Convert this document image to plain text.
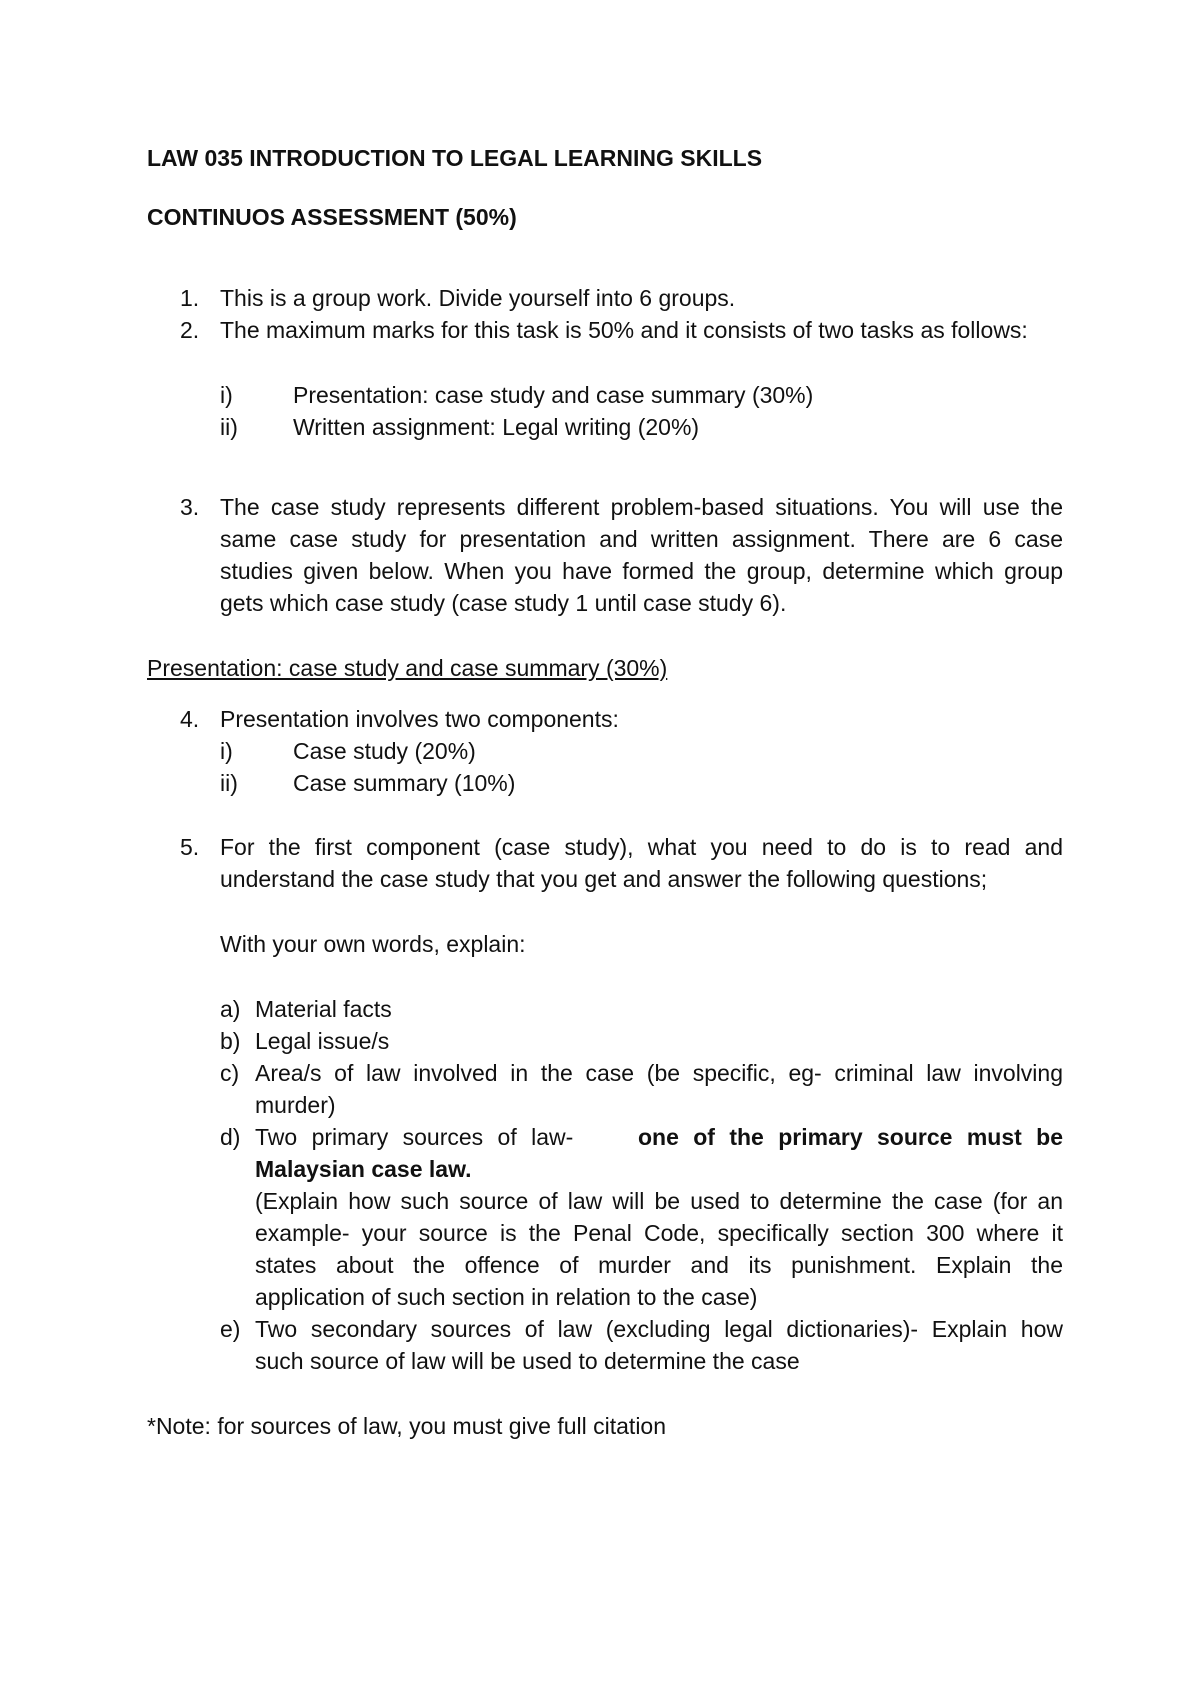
LAW 035 INTRODUCTION TO LEGAL LEARNING SKILLS
CONTINUOS ASSESSMENT (50%)
1. This is a group work. Divide yourself into 6 groups.
2. The maximum marks for this task is 50% and it consists of two tasks as follows:
i)	Presentation: case study and case summary (30%)
ii) Written assignment: Legal writing (20%)
3. The case study represents different problem-based situations. You will use the
same case study for presentation and written assignment. There are 6 case
studies given below. When you have formed the group, determine which group
gets which case study (case study 1 until case study 6).
Presentation: case study and case summary (30%)
4. Presentation involves two components:
i)	Case study (20%)
ii) Case summary (10%)
5. For the first component (case study), what you need to do is to read and
understand the case study that you get and answer the following questions;
With your own words, explain:
a) Material facts
b) Legal issue/s
c) Area/s of law involved in the case (be specific, eg- criminal law involving
murder)
d) Two primary sources of law-	one of the primary source must be
Malaysian case law.
(Explain how such source of law will be used to determine the case (for an
example- your source is the Penal Code, specifically section 300 where it
states about the offence of murder and its punishment. Explain the
application of such section in relation to the case)
e) Two secondary sources of law (excluding legal dictionaries)- Explain how
such source of law will be used to determine the case
*Note: for sources of law, you must give full citation
